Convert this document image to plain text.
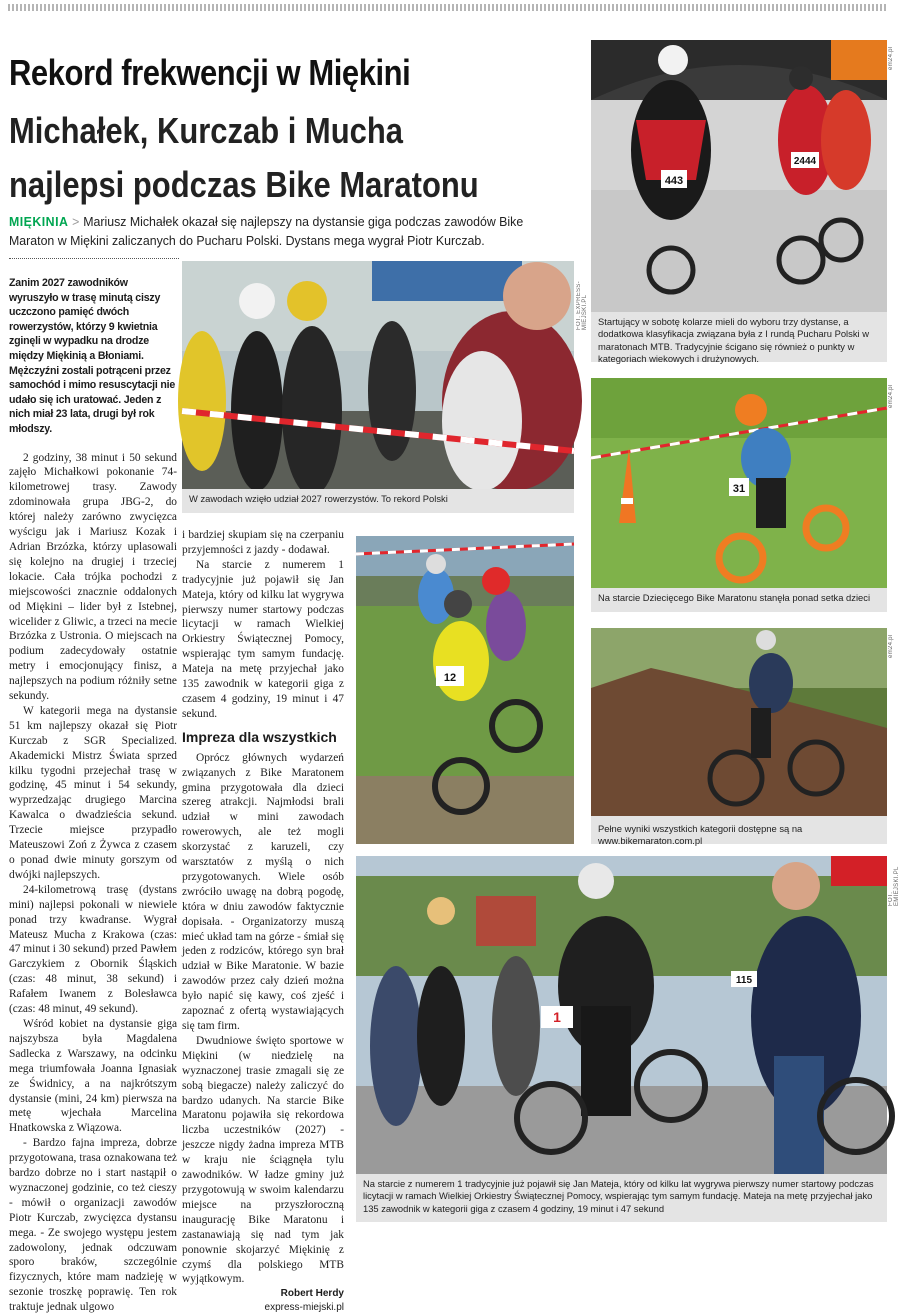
Rekord frekwencji w Miękini
Michałek, Kurczab i Mucha najlepsi podczas Bike Maratonu
MIĘKINIA > Mariusz Michałek okazał się najlepszy na dystansie giga podczas zawodów Bike Maraton w Miękini zaliczanych do Pucharu Polski. Dystans mega wygrał Piotr Kurczab.

Zanim 2027 zawodników wyruszyło w trasę minutą ciszy uczczono pamięć dwóch rowerzystów, którzy 9 kwietnia zginęli w wypadku na drodze między Miękinią a Błoniami. Mężczyźni zostali potrąceni przez samochód i mimo resuscytacji nie udało się ich uratować. Jeden z nich miał 23 lata, drugi był rok młodszy.

2 godziny, 38 minut i 50 sekund zajęło Michałkowi pokonanie 74-kilometrowej trasy. Zawody zdominowała grupa JBG-2, do której należy zarówno zwycięzca wyścigu jak i Mariusz Kozak i Adrian Brzózka, którzy uplasowali się kolejno na drugiej i trzeciej lokacie. Cała trójka pochodzi z miejscowości znacznie oddalonych od Miękini – lider był z Istebnej, wicelider z Gliwic, a trzeci na mecie Brzózka z Ustronia. O miejscach na podium zadecydowały ostatnie metry i emocjonujący finisz, a najlepszych na podium różniły setne sekundy.

W kategorii mega na dystansie 51 km najlepszy okazał się Piotr Kurczab z SGR Specialized. Akademicki Mistrz Świata sprzed kilku tygodni przejechał trasę w godzinę, 45 minut i 54 sekundy, wyprzedzając drugiego Marcina Kawalca o dwadzieścia sekund. Trzecie miejsce przypadło Mateuszowi Zoń z Żywca z czasem o ponad dwie minuty gorszym od dwójki najlepszych.

24-kilometrową trasę (dystans mini) najlepsi pokonali w niewiele ponad trzy kwadranse. Wygrał Mateusz Mucha z Krakowa (czas: 47 minut i 30 sekund) przed Pawłem Garczykiem z Obornik Śląskich (czas: 48 minut, 38 sekund) i Rafałem Iwanem z Bolesławca (czas: 48 minut, 49 sekund).

Wśród kobiet na dystansie giga najszybsza była Magdalena Sadlecka z Warszawy, na odcinku mega triumfowała Joanna Ignasiak ze Świdnicy, a na najkrótszym dystansie (mini, 24 km) pierwsza na metę wjechała Marcelina Hnatkowska z Wiązowa.

- Bardzo fajna impreza, dobrze przygotowana, trasa oznakowana też bardzo dobrze no i start nastąpił o wyznaczonej godzinie, co też cieszy - mówił o organizacji zawodów Piotr Kurczab, zwycięzca dystansu mega. - Ze swojego występu jestem zadowolony, jednak odczuwam sporo braków, szczególnie fizycznych, które mam nadzieję w sezonie troszkę poprawię. Ten rok traktuje jednak ulgowo

i bardziej skupiam się na czerpaniu przyjemności z jazdy - dodawał.

Na starcie z numerem 1 tradycyjnie już pojawił się Jan Mateja, który od kilku lat wygrywa pierwszy numer startowy podczas licytacji w ramach Wielkiej Orkiestry Świątecznej Pomocy, wspierając tym samym fundację. Mateja na metę przyjechał jako 135 zawodnik w kategorii giga z czasem 4 godziny, 19 minut i 47 sekund.

Impreza dla wszystkich

Oprócz głównych wydarzeń związanych z Bike Maratonem gmina przygotowała dla dzieci szereg atrakcji. Najmłodsi brali udział w mini zawodach rowerowych, ale też mogli skorzystać z karuzeli, czy warsztatów z myślą o nich przygotowanych. Wiele osób zwróciło uwagę na dobrą pogodę, która w dniu zawodów faktycznie dopisała. - Organizatorzy muszą mieć układ tam na górze - śmiał się jeden z rodziców, którego syn brał udział w Bike Maratonie. W bazie zawodów przez cały dzień można było napić się kawy, coś zjeść i zapoznać z ofertą wystawiających się tam firm.

Dwudniowe święto sportowe w Miękini (w niedzielę na wyznaczonej trasie zmagali się ze sobą biegacze) należy zaliczyć do bardzo udanych. Na starcie Bike Maratonu pojawiła się rekordowa liczba uczestników (2027) - jeszcze nigdy żadna impreza MTB w kraju nie ściągnęła tylu zawodników. W ładze gminy już przygotowują w swoim kalendarzu miejsce na przyszłoroczną inaugurację Bike Maratonu i zastanawiają się nad tym jak ponownie skojarzyć Miękinię z czymś dla polskiego MTB wyjątkowym.

Robert Herdy
express-miejski.pl
W zawodach wzięło udział 2027 rowerzystów. To rekord Polski
FOT. EXPRESS-MIEJSKI.PL
443
2444
Startujący w sobotę kolarze mieli do wyboru trzy dystanse, a dodatkowa klasyfikacja związana była z I rundą Pucharu Polski w maratonach MTB. Tradycyjnie ścigano się również o punkty w kategoriach wiekowych i drużynowych.
em24.pl
31
Na starcie Dziecięcego Bike Maratonu stanęła ponad setka dzieci
em24.pl
12
Pełne wyniki wszystkich kategorii dostępne są na www.bikemaraton.com.pl
em24.pl
1
115
Na starcie z numerem 1 tradycyjnie już pojawił się Jan Mateja, który od kilku lat wygrywa pierwszy numer startowy podczas licytacji w ramach Wielkiej Orkiestry Świątecznej Pomocy, wspierając tym samym fundację. Mateja na metę przyjechał jako 135 zawodnik w kategorii giga z czasem 4 godziny, 19 minut i 47 sekund
FOT. EMIEJSKI.PL
